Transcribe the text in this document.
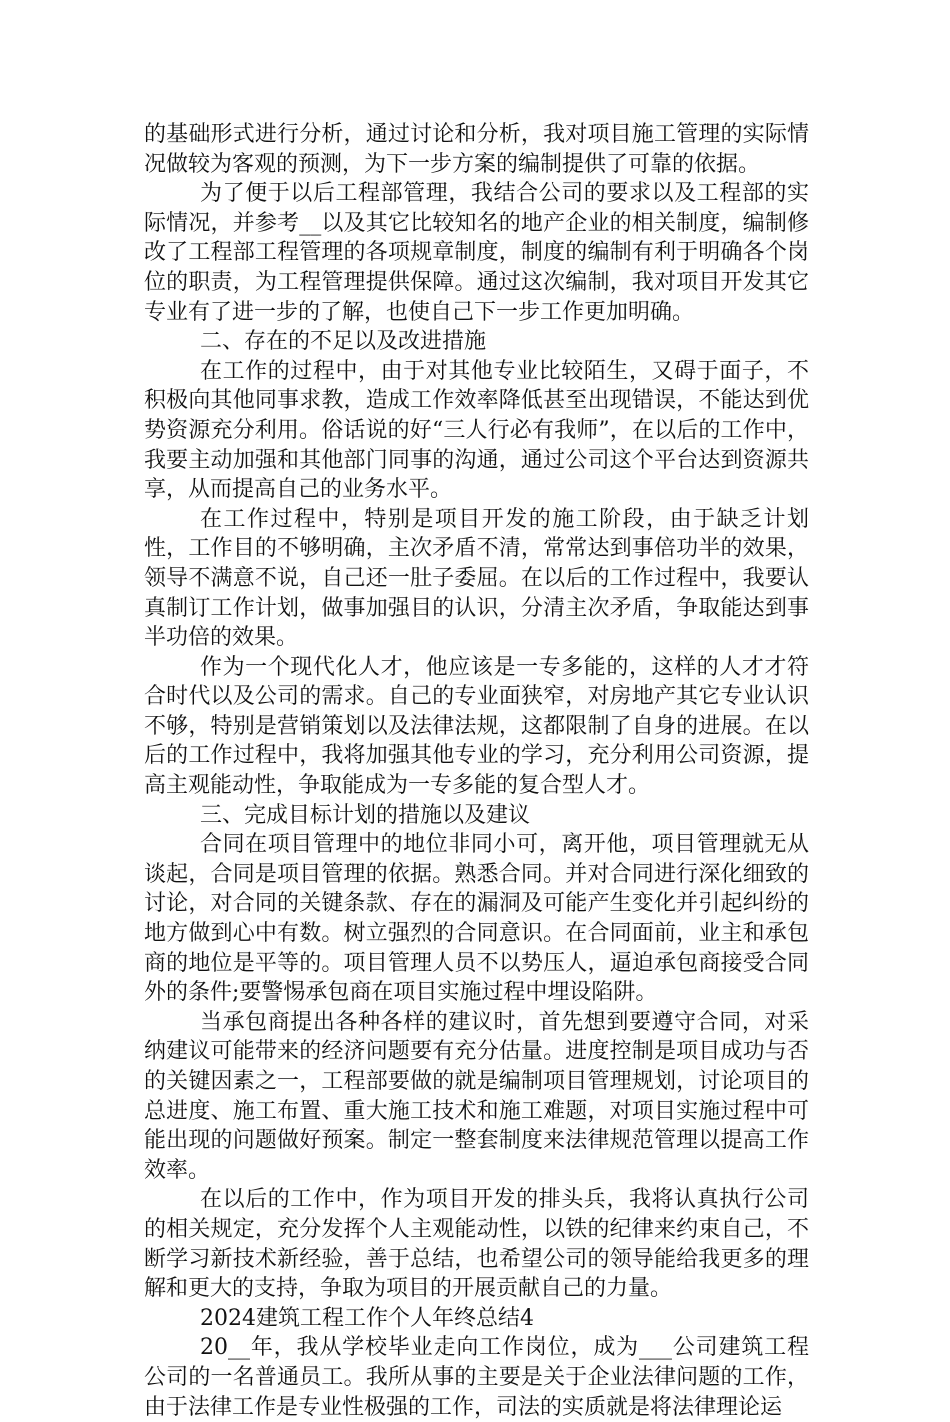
的基础形式进行分析，通过讨论和分析，我对项目施工管理的实际情况做较为客观的预测，为下一步方案的编制提供了可靠的依据。

为了便于以后工程部管理，我结合公司的要求以及工程部的实际情况，并参考__以及其它比较知名的地产企业的相关制度，编制修改了工程部工程管理的各项规章制度，制度的编制有利于明确各个岗位的职责，为工程管理提供保障。通过这次编制，我对项目开发其它专业有了进一步的了解，也使自己下一步工作更加明确。

二、存在的不足以及改进措施

在工作的过程中，由于对其他专业比较陌生，又碍于面子，不积极向其他同事求教，造成工作效率降低甚至出现错误，不能达到优势资源充分利用。俗话说的好“三人行必有我师”，在以后的工作中，我要主动加强和其他部门同事的沟通，通过公司这个平台达到资源共享，从而提高自己的业务水平。

在工作过程中，特别是项目开发的施工阶段，由于缺乏计划性，工作目的不够明确，主次矛盾不清，常常达到事倍功半的效果，领导不满意不说，自己还一肚子委屈。在以后的工作过程中，我要认真制订工作计划，做事加强目的认识，分清主次矛盾，争取能达到事半功倍的效果。

作为一个现代化人才，他应该是一专多能的，这样的人才才符合时代以及公司的需求。自己的专业面狭窄，对房地产其它专业认识不够，特别是营销策划以及法律法规，这都限制了自身的进展。在以后的工作过程中，我将加强其他专业的学习，充分利用公司资源，提高主观能动性，争取能成为一专多能的复合型人才。

三、完成目标计划的措施以及建议

合同在项目管理中的地位非同小可，离开他，项目管理就无从谈起，合同是项目管理的依据。熟悉合同。并对合同进行深化细致的讨论，对合同的关键条款、存在的漏洞及可能产生变化并引起纠纷的地方做到心中有数。树立强烈的合同意识。在合同面前，业主和承包商的地位是平等的。项目管理人员不以势压人，逼迫承包商接受合同外的条件;要警惕承包商在项目实施过程中埋设陷阱。

当承包商提出各种各样的建议时，首先想到要遵守合同，对采纳建议可能带来的经济问题要有充分估量。进度控制是项目成功与否的关键因素之一，工程部要做的就是编制项目管理规划，讨论项目的总进度、施工布置、重大施工技术和施工难题，对项目实施过程中可能出现的问题做好预案。制定一整套制度来法律规范管理以提高工作效率。

在以后的工作中，作为项目开发的排头兵，我将认真执行公司的相关规定，充分发挥个人主观能动性，以铁的纪律来约束自己，不断学习新技术新经验，善于总结，也希望公司的领导能给我更多的理解和更大的支持，争取为项目的开展贡献自己的力量。

2024建筑工程工作个人年终总结4

20__年，我从学校毕业走向工作岗位，成为___公司建筑工程公司的一名普通员工。我所从事的主要是关于企业法律问题的工作，由于法律工作是专业性极强的工作，司法的实质就是将法律理论运
